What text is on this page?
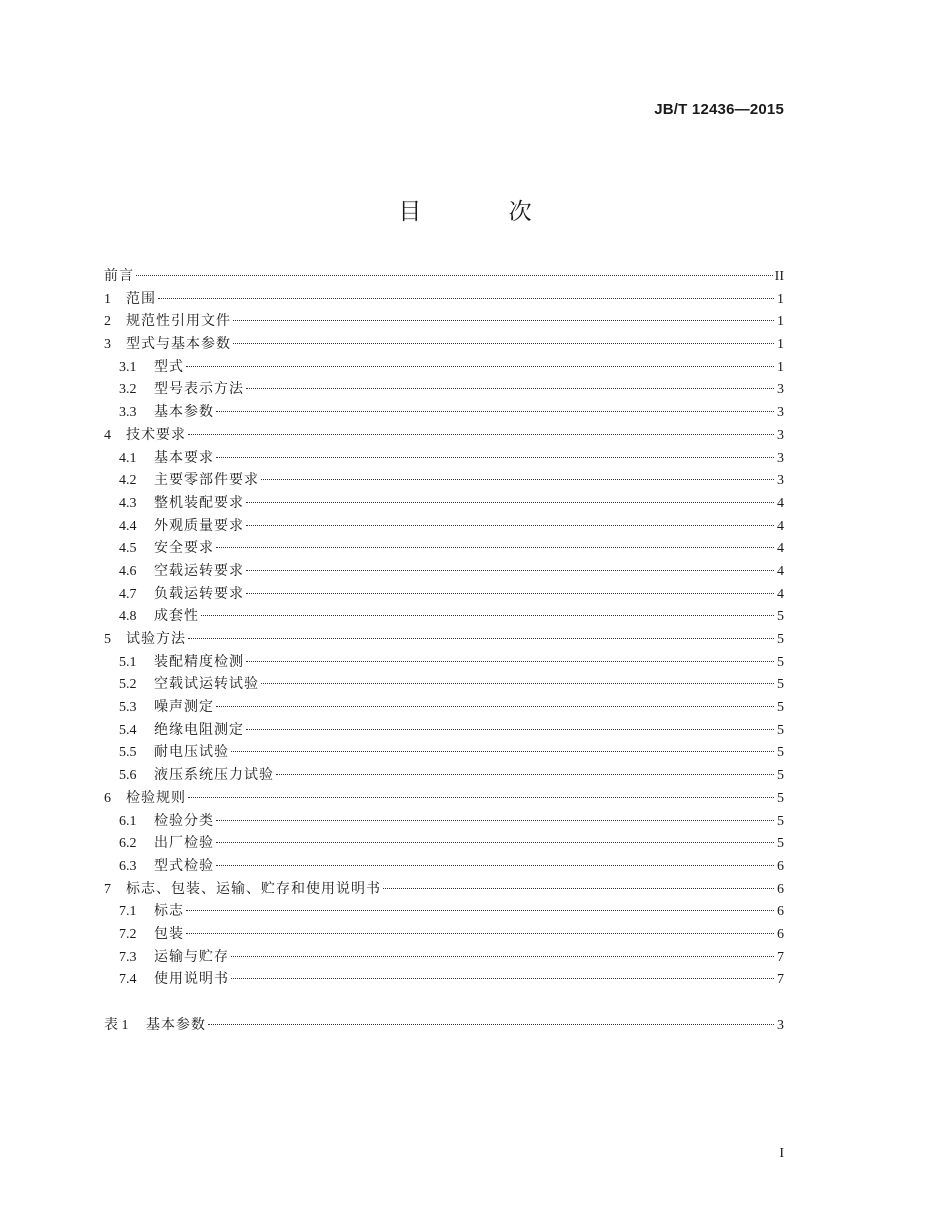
JB/T 12436—2015
目 次
前言	II
1	范围	1
2	规范性引用文件	1
3	型式与基本参数	1
3.1	型式	1
3.2	型号表示方法	3
3.3	基本参数	3
4	技术要求	3
4.1	基本要求	3
4.2	主要零部件要求	3
4.3	整机装配要求	4
4.4	外观质量要求	4
4.5	安全要求	4
4.6	空载运转要求	4
4.7	负载运转要求	4
4.8	成套性	5
5	试验方法	5
5.1	装配精度检测	5
5.2	空载试运转试验	5
5.3	噪声测定	5
5.4	绝缘电阻测定	5
5.5	耐电压试验	5
5.6	液压系统压力试验	5
6	检验规则	5
6.1	检验分类	5
6.2	出厂检验	5
6.3	型式检验	6
7	标志、包装、运输、贮存和使用说明书	6
7.1	标志	6
7.2	包装	6
7.3	运输与贮存	7
7.4	使用说明书	7
表 1	基本参数	3
I
